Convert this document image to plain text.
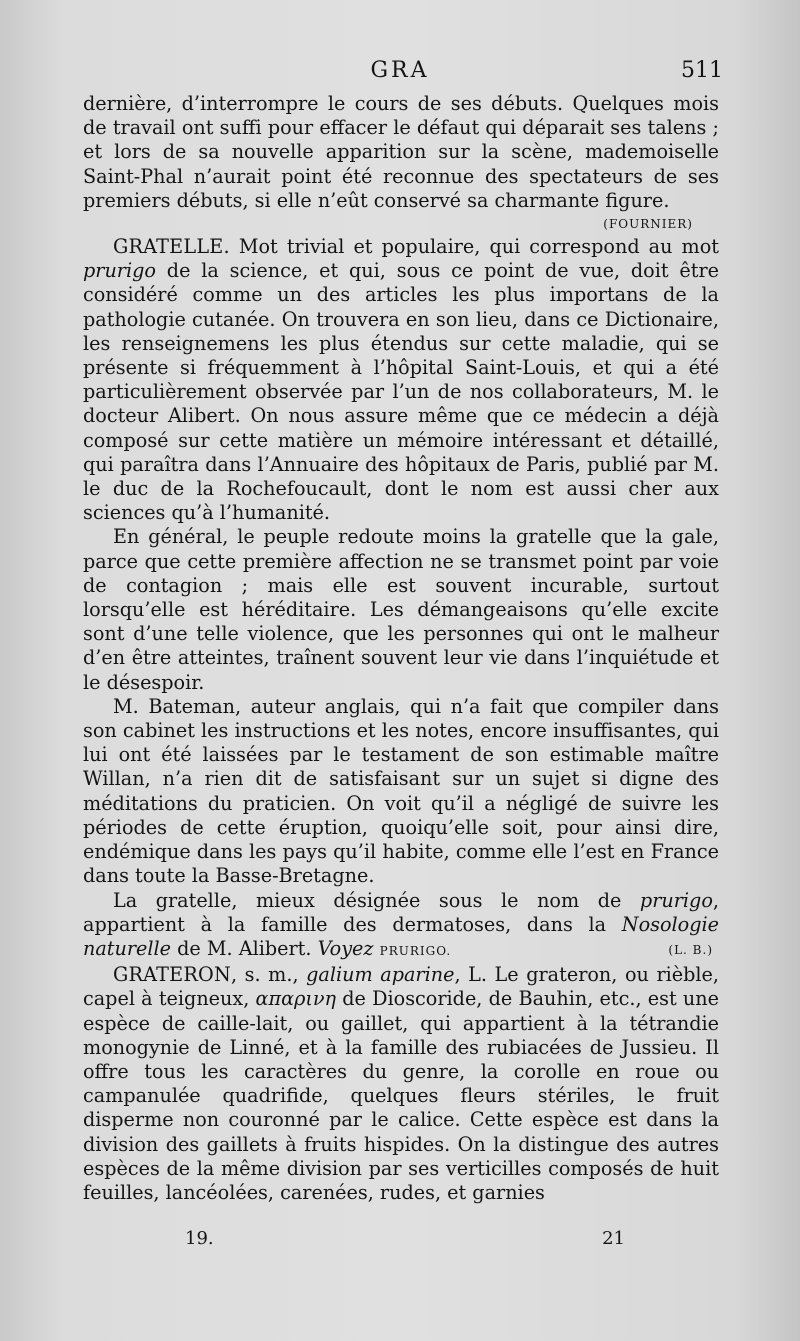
GRA	511

dernière, d’interrompre le cours de ses débuts. Quelques mois de travail ont suffi pour effacer le défaut qui déparait ses talens ; et lors de sa nouvelle apparition sur la scène, mademoiselle Saint-Phal n’aurait point été reconnue des spectateurs de ses premiers débuts, si elle n’eût conservé sa charmante figure.

(FOURNIER)

GRATELLE. Mot trivial et populaire, qui correspond au mot prurigo de la science, et qui, sous ce point de vue, doit être considéré comme un des articles les plus importans de la pathologie cutanée. On trouvera en son lieu, dans ce Dictionaire, les renseignemens les plus étendus sur cette maladie, qui se présente si fréquemment à l’hôpital Saint-Louis, et qui a été particulièrement observée par l’un de nos collaborateurs, M. le docteur Alibert. On nous assure même que ce médecin a déjà composé sur cette matière un mémoire intéressant et détaillé, qui paraîtra dans l’Annuaire des hôpitaux de Paris, publié par M. le duc de la Rochefoucault, dont le nom est aussi cher aux sciences qu’à l’humanité.

En général, le peuple redoute moins la gratelle que la gale, parce que cette première affection ne se transmet point par voie de contagion ; mais elle est souvent incurable, surtout lorsqu’elle est héréditaire. Les démangeaisons qu’elle excite sont d’une telle violence, que les personnes qui ont le malheur d’en être atteintes, traînent souvent leur vie dans l’inquiétude et le désespoir.

M. Bateman, auteur anglais, qui n’a fait que compiler dans son cabinet les instructions et les notes, encore insuffisantes, qui lui ont été laissées par le testament de son estimable maître Willan, n’a rien dit de satisfaisant sur un sujet si digne des méditations du praticien. On voit qu’il a négligé de suivre les périodes de cette éruption, quoiqu’elle soit, pour ainsi dire, endémique dans les pays qu’il habite, comme elle l’est en France dans toute la Basse-Bretagne.

La gratelle, mieux désignée sous le nom de prurigo, appartient à la famille des dermatoses, dans la Nosologie naturelle de M. Alibert. Voyez PRURIGO.	(L. B.)

GRATERON, s. m., galium aparine, L. Le grateron, ou rièble, capel à teigneux, απαρινη de Dioscoride, de Bauhin, etc., est une espèce de caille-lait, ou gaillet, qui appartient à la tétrandie monogynie de Linné, et à la famille des rubiacées de Jussieu. Il offre tous les caractères du genre, la corolle en roue ou campanulée quadrifide, quelques fleurs stériles, le fruit disperme non couronné par le calice. Cette espèce est dans la division des gaillets à fruits hispides. On la distingue des autres espèces de la même division par ses verticilles composés de huit feuilles, lancéolées, carenées, rudes, et garnies

19.	21
